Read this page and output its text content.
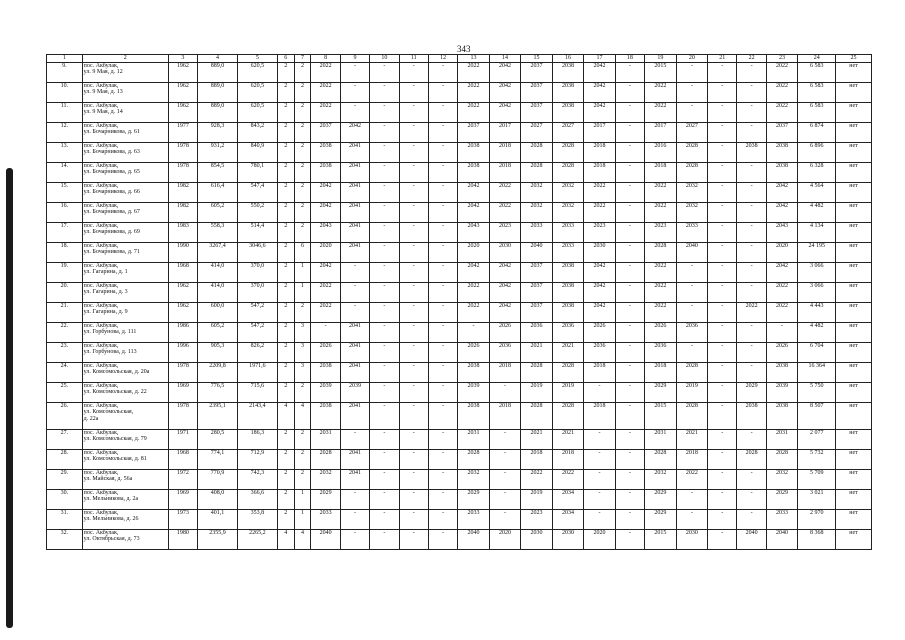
343
1	2	3	4	5	6	7	8	9	10	11	12	13	14	15	16	17	18	19	20	21	22	23	24	25
9.	пос. Акбулак,
ул. 9 Мая, д. 12	1962	889,0	620,5	2	2	2022	-	-	-	-	2022	2042	2037	2038	2042	-	2015	-	-	-	2022	6 583	нет
10.	пос. Акбулак,
ул. 9 Мая, д. 13	1962	889,0	620,5	2	2	2022	-	-	-	-	2022	2042	2037	2038	2042	-	2022	-	-	-	2022	6 583	нет
11.	пос. Акбулак,
ул. 9 Мая, д. 14	1962	889,0	620,5	2	2	2022	-	-	-	-	2022	2042	2037	2038	2042	-	2022	-	-	-	2022	6 583	нет
12.	пос. Акбулак,
ул. Бочарникова, д. 61	1977	928,3	843,2	2	2	2037	2042	-	-	-	2037	2017	2027	2027	2017	-	2017	2027	-	-	2037	6 874	нет
13.	пос. Акбулак,
ул. Бочарникова, д. 63	1978	931,2	840,9	2	2	2038	2041	-	-	-	2038	2018	2028	2028	2018	-	2016	2028	-	2038	2038	6 896	нет
14.	пос. Акбулак,
ул. Бочарникова, д. 65	1978	854,5	780,1	2	2	2038	2041	-	-	-	2038	2018	2028	2028	2018	-	2018	2028	-	-	2038	6 328	нет
15.	пос. Акбулак,
ул. Бочарникова, д. 66	1982	616,4	547,4	2	2	2042	2041	-	-	-	2042	2022	2032	2032	2022	-	2022	2032	-	-	2042	4 564	нет
16.	пос. Акбулак,
ул. Бочарникова, д. 67	1982	605,2	550,2	2	2	2042	2041	-	-	-	2042	2022	2032	2032	2022	-	2022	2032	-	-	2042	4 482	нет
17.	пос. Акбулак,
ул. Бочарникова, д. 69	1983	558,3	514,4	2	2	2043	2041	-	-	-	2043	2023	2033	2033	2023	-	2023	2033	-	-	2043	4 134	нет
18.	пос. Акбулак,
ул. Бочарникова, д. 71	1990	3267,4	3046,6	2	6	2020	2041	-	-	-	2020	2030	2040	2033	2030	-	2028	2040	-	-	2020	24 195	нет
19.	пос. Акбулак,
ул. Гагарина, д. 1	1968	414,0	370,0	2	1	2042	-	-	-	-	2042	2042	2037	2038	2042	-	2022	-	-	-	2042	3 066	нет
20.	пос. Акбулак,
ул. Гагарина, д. 3	1962	414,0	370,0	2	1	2022	-	-	-	-	2022	2042	2037	2038	2042	-	2022	-	-	-	2022	3 066	нет
21.	пос. Акбулак,
ул. Гагарина, д. 9	1962	600,0	547,2	2	2	2022	-	-	-	-	2022	2042	2037	2038	2042	-	2022	-	-	2022	2022	4 443	нет
22.	пос. Акбулак,
ул. Горбунова, д. 111	1986	605,2	547,2	2	3	-	2041	-	-	-	-	2026	2036	2036	2026	-	2026	2036	-	-	-	4 482	нет
23.	пос. Акбулак,
ул. Горбунова, д. 113	1996	905,3	826,2	2	3	2026	2041	-	-	-	2026	2036	2021	2021	2036	-	2036	-	-	-	2026	6 704	нет
24.	пос. Акбулак,
ул. Комсомольская, д. 20а	1978	2209,8	1971,6	2	3	2038	2041	-	-	-	2038	2018	2028	2028	2018	-	2018	2028	-	-	2038	16 364	нет
25.	пос. Акбулак,
ул. Комсомольская, д. 22	1969	776,5	715,6	2	2	2039	2039	-	-	-	2039	-	2019	2019	-	-	2029	2019	-	2029	2039	5 750	нет
26.	пос. Акбулак,
ул. Комсомольская,
д. 22а	1978	2395,1	2143,4	4	4	2038	2041	-	-	-	2038	2018	2028	2028	2018	-	2015	2028	-	2038	2038	8 507	нет
27.	пос. Акбулак,
ул. Комсомольская, д. 79	1971	280,5	186,3	2	2	2031	-	-	-	-	2031	-	2021	2021	-	-	2031	2021	-	-	2031	2 077	нет
28.	пос. Акбулак,
ул. Комсомольская, д. 81	1968	774,1	712,9	2	2	2028	2041	-	-	-	2028	-	2018	2018	-	-	2028	2018	-	2028	2028	5 732	нет
29.	пос. Акбулак,
ул. Майская, д. 56а	1972	770,9	742,3	2	2	2032	2041	-	-	-	2032	-	2022	2022	-	-	2032	2022	-	-	2032	5 709	нет
30.	пос. Акбулак,
ул. Мельникова, д. 2а	1969	408,0	366,6	2	1	2029	-	-	-	-	2029	-	2019	2034	-	-	2029	-	-	-	2029	3 021	нет
31.	пос. Акбулак,
ул. Мельникова, д. 26	1973	401,1	353,8	2	1	2033	-	-	-	-	2033	-	2023	2034	-	-	2029	-	-	-	2033	2 970	нет
32.	пос. Акбулак,
ул. Октябрьская, д. 73	1980	2355,9	2265,2	4	4	2040	-	-	-	-	2040	2020	2030	2030	2020	-	2015	2030	-	2040	2040	8 368	нет
